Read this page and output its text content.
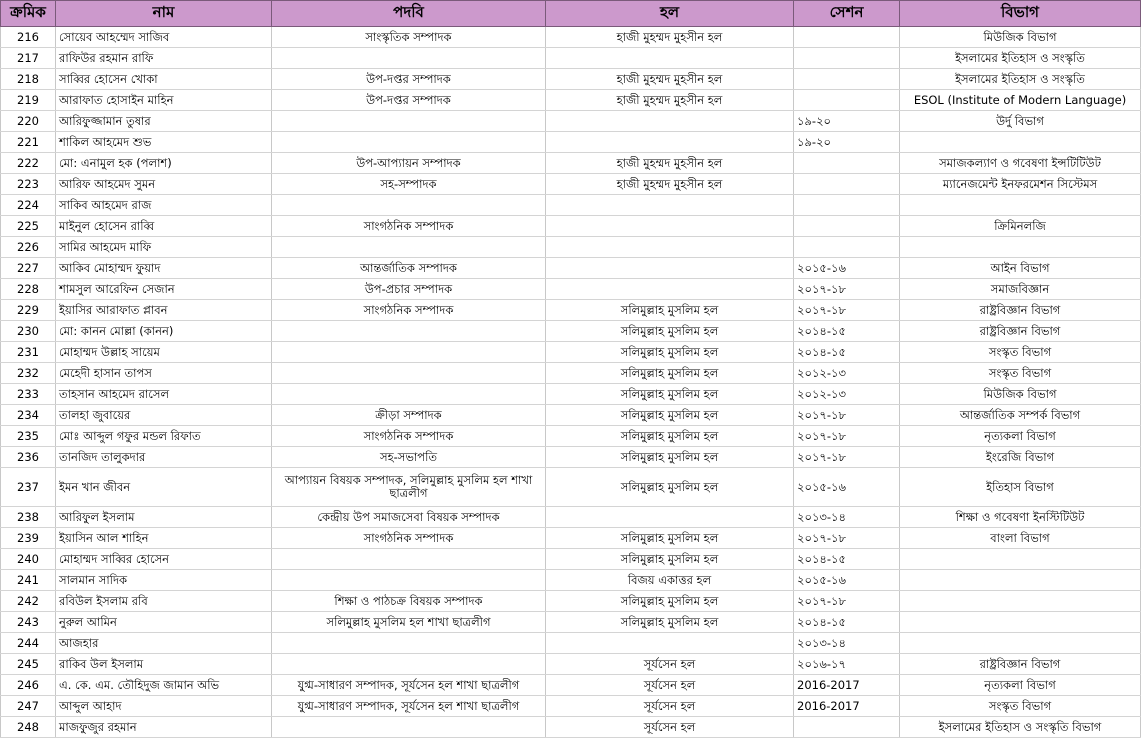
ক্রমিক	নাম	পদবি	হল	সেশন	বিভাগ
216	সোয়েব আহম্মেদ সাজিব	সাংস্কৃতিক সম্পাদক	হাজী মুহম্মদ মুহসীন হল		মিউজিক বিভাগ
217	রাফিউর রহমান রাফি				ইসলামের ইতিহাস ও সংস্কৃতি
218	সাব্বির হোসেন খোকা	উপ-দপ্তর সম্পাদক	হাজী মুহম্মদ মুহসীন হল		ইসলামের ইতিহাস ও সংস্কৃতি
219	আরাফাত হোসাইন মাহিন	উপ-দপ্তর সম্পাদক	হাজী মুহম্মদ মুহসীন হল		ESOL (Institute of Modern Language)
220	আরিফুজ্জামান তুষার			১৯-২০	উর্দু বিভাগ
221	শাকিল আহমেদ শুভ			১৯-২০	
222	মো: এনামুল হক (পলাশ)	উপ-আপ্যায়ন সম্পাদক	হাজী মুহম্মদ মুহসীন হল		সমাজকল্যাণ ও গবেষণা ইন্সটিটিউট
223	আরিফ আহমেদ সুমন	সহ-সম্পাদক	হাজী মুহম্মদ মুহসীন হল		ম্যানেজমেন্ট ইনফরমেশন সিস্টেমস
224	সাকিব আহমেদ রাজ				
225	মাইনুল হোসেন রাব্বি	সাংগঠনিক সম্পাদক			ক্রিমিনলজি
226	সামির আহমেদ মাফি				
227	আকিব মোহাম্মদ ফুয়াদ	আন্তর্জাতিক সম্পাদক		২০১৫-১৬	আইন বিভাগ
228	শামসুল আরেফিন সেজান	উপ-প্রচার সম্পাদক		২০১৭-১৮	সমাজবিজ্ঞান
229	ইয়াসির আরাফাত প্লাবন	সাংগঠনিক সম্পাদক	সলিমুল্লাহ মুসলিম হল	২০১৭-১৮	রাষ্ট্রবিজ্ঞান বিভাগ
230	মো: কানন মোল্লা (কানন)		সলিমুল্লাহ মুসলিম হল	২০১৪-১৫	রাষ্ট্রবিজ্ঞান বিভাগ
231	মোহাম্মদ উল্লাহ সায়েম		সলিমুল্লাহ মুসলিম হল	২০১৪-১৫	সংস্কৃত বিভাগ
232	মেহেদী হাসান তাপস		সলিমুল্লাহ মুসলিম হল	২০১২-১৩	সংস্কৃত বিভাগ
233	তাহসান আহমেদ রাসেল		সলিমুল্লাহ মুসলিম হল	২০১২-১৩	মিউজিক বিভাগ
234	তালহা জুবায়ের	ক্রীড়া সম্পাদক	সলিমুল্লাহ মুসলিম হল	২০১৭-১৮	আন্তর্জাতিক সম্পর্ক বিভাগ
235	মোঃ আব্দুল গফুর মন্ডল রিফাত	সাংগঠনিক সম্পাদক	সলিমুল্লাহ মুসলিম হল	২০১৭-১৮	নৃত্যকলা বিভাগ
236	তানজিদ তালুকদার	সহ-সভাপতি	সলিমুল্লাহ মুসলিম হল	২০১৭-১৮	ইংরেজি বিভাগ
237	ইমন খান জীবন	আপ্যায়ন বিষয়ক সম্পাদক, সলিমুল্লাহ মুসলিম হল শাখা ছাত্রলীগ	সলিমুল্লাহ মুসলিম হল	২০১৫-১৬	ইতিহাস বিভাগ
238	আরিফুল ইসলাম	কেন্দ্রীয় উপ সমাজসেবা বিষয়ক সম্পাদক		২০১৩-১৪	শিক্ষা ও গবেষণা ইনস্টিটিউট
239	ইয়াসিন আল শাহিন	সাংগঠনিক সম্পাদক	সলিমুল্লাহ মুসলিম হল	২০১৭-১৮	বাংলা বিভাগ
240	মোহাম্মদ সাব্বির হোসেন		সলিমুল্লাহ মুসলিম হল	২০১৪-১৫	
241	সালমান সাদিক		বিজয় একাত্তর হল	২০১৫-১৬	
242	রবিউল ইসলাম রবি	শিক্ষা ও পাঠচক্র বিষয়ক সম্পাদক	সলিমুল্লাহ মুসলিম হল	২০১৭-১৮	
243	নুরুল আমিন	সলিমুল্লাহ মুসলিম হল শাখা ছাত্রলীগ	সলিমুল্লাহ মুসলিম হল	২০১৪-১৫	
244	আজহার			২০১৩-১৪	
245	রাকিব উল ইসলাম		সূর্যসেন হল	২০১৬-১৭	রাষ্ট্রবিজ্ঞান বিভাগ
246	এ. কে. এম. তৌহিদুজ জামান অভি	যুগ্ম-সাধারণ সম্পাদক, সূর্যসেন হল শাখা ছাত্রলীগ	সূর্যসেন হল	2016-2017	নৃত্যকলা বিভাগ
247	আব্দুল আহাদ	যুগ্ম-সাধারণ সম্পাদক, সূর্যসেন হল শাখা ছাত্রলীগ	সূর্যসেন হল	2016-2017	সংস্কৃত বিভাগ
248	মাজফুজুর রহমান		সূর্যসেন হল		ইসলামের ইতিহাস ও সংস্কৃতি বিভাগ
